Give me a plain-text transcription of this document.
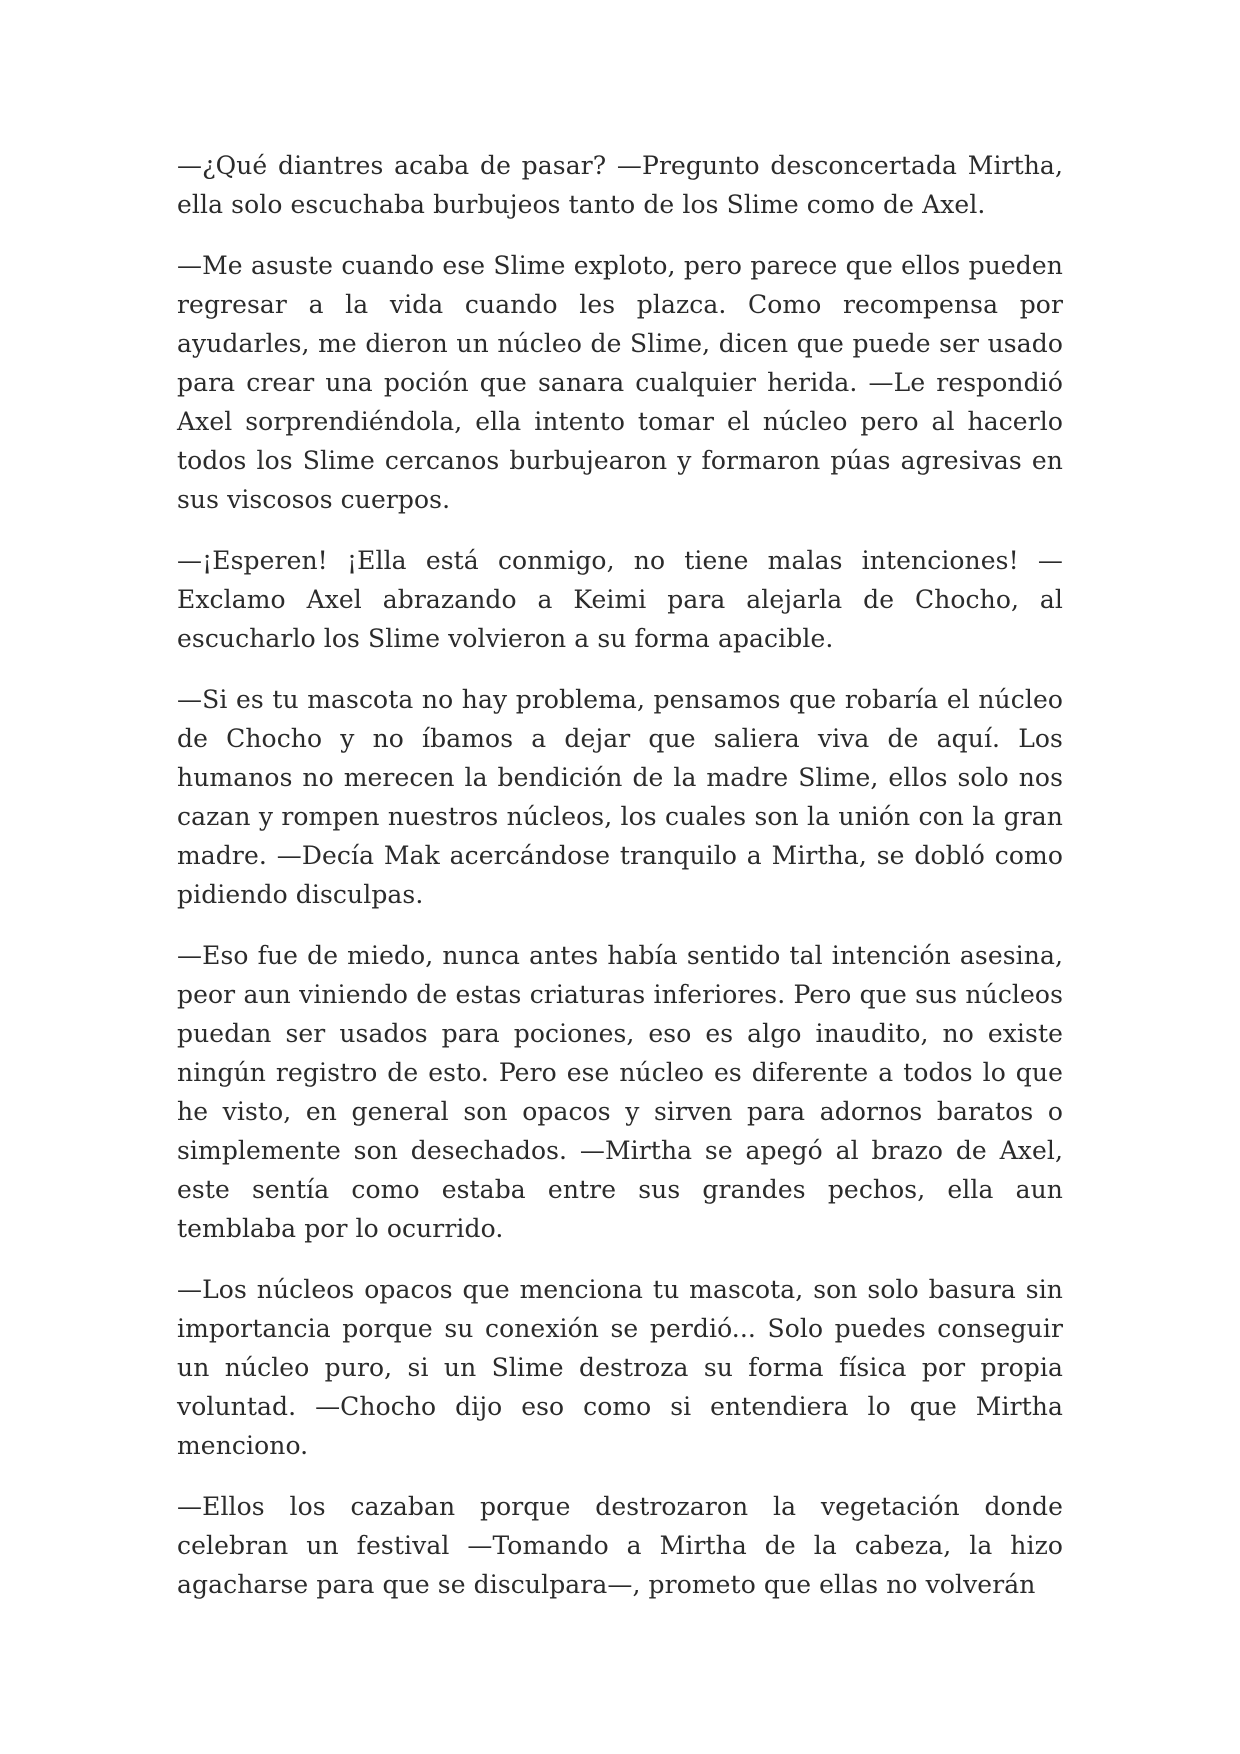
—¿Qué diantres acaba de pasar? —Pregunto desconcertada Mirtha, ella solo escuchaba burbujeos tanto de los Slime como de Axel.

—Me asuste cuando ese Slime exploto, pero parece que ellos pueden regresar a la vida cuando les plazca. Como recompensa por ayudarles, me dieron un núcleo de Slime, dicen que puede ser usado para crear una poción que sanara cualquier herida. —Le respondió Axel sorprendiéndola, ella intento tomar el núcleo pero al hacerlo todos los Slime cercanos burbujearon y formaron púas agresivas en sus viscosos cuerpos.

—¡Esperen! ¡Ella está conmigo, no tiene malas intenciones! —Exclamo Axel abrazando a Keimi para alejarla de Chocho, al escucharlo los Slime volvieron a su forma apacible.

—Si es tu mascota no hay problema, pensamos que robaría el núcleo de Chocho y no íbamos a dejar que saliera viva de aquí. Los humanos no merecen la bendición de la madre Slime, ellos solo nos cazan y rompen nuestros núcleos, los cuales son la unión con la gran madre. —Decía Mak acercándose tranquilo a Mirtha, se dobló como pidiendo disculpas.

—Eso fue de miedo, nunca antes había sentido tal intención asesina, peor aun viniendo de estas criaturas inferiores. Pero que sus núcleos puedan ser usados para pociones, eso es algo inaudito, no existe ningún registro de esto. Pero ese núcleo es diferente a todos lo que he visto, en general son opacos y sirven para adornos baratos o simplemente son desechados. —Mirtha se apegó al brazo de Axel, este sentía como estaba entre sus grandes pechos, ella aun temblaba por lo ocurrido.

—Los núcleos opacos que menciona tu mascota, son solo basura sin importancia porque su conexión se perdió... Solo puedes conseguir un núcleo puro, si un Slime destroza su forma física por propia voluntad. —Chocho dijo eso como si entendiera lo que Mirtha menciono.

—Ellos los cazaban porque destrozaron la vegetación donde celebran un festival —Tomando a Mirtha de la cabeza, la hizo agacharse para que se disculpara—, prometo que ellas no volverán
